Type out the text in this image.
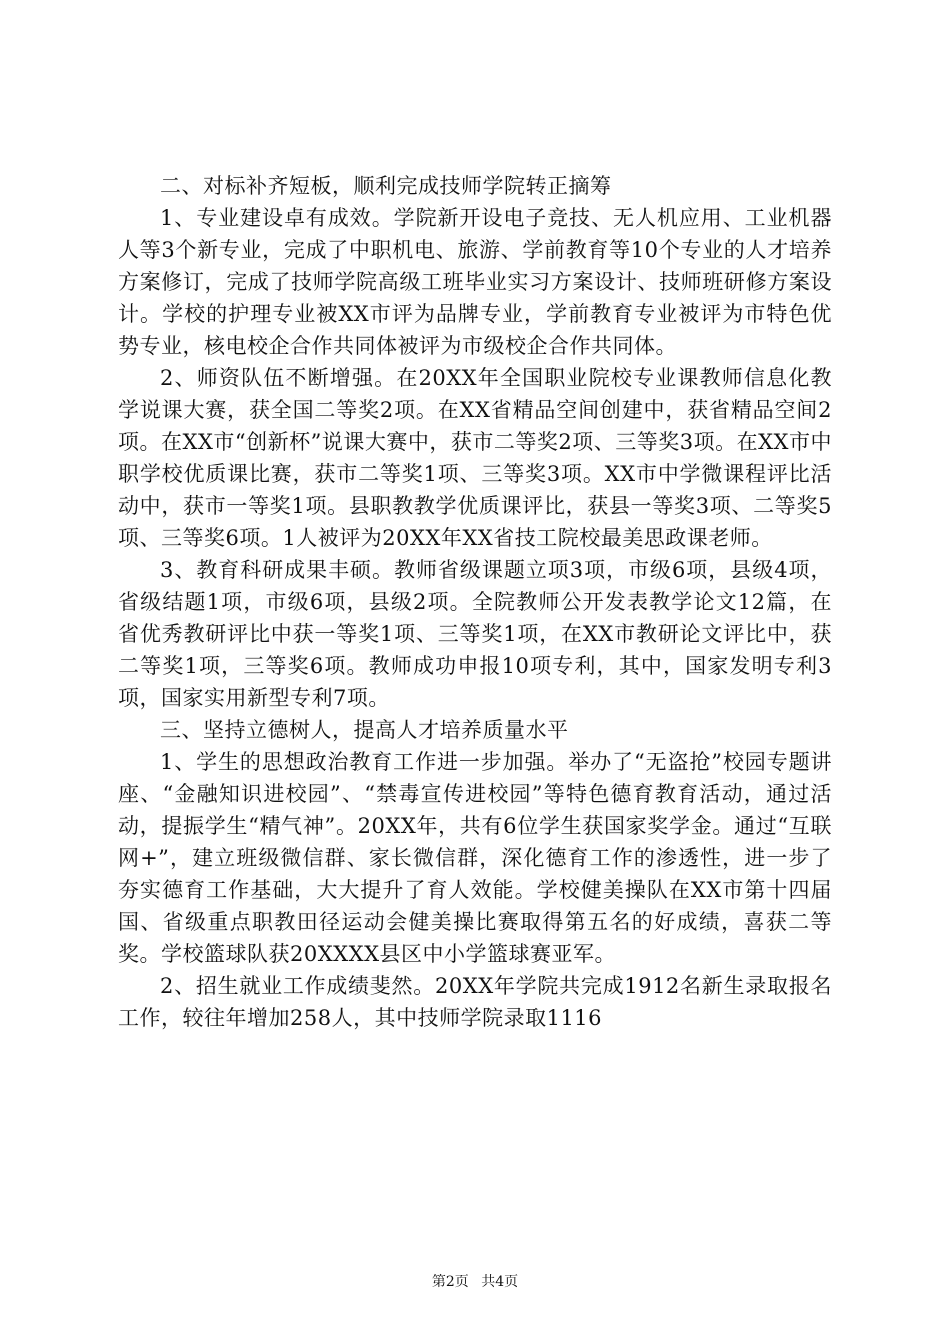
二、对标补齐短板，顺利完成技师学院转正摘筹

1、专业建设卓有成效。学院新开设电子竞技、无人机应用、工业机器人等3个新专业，完成了中职机电、旅游、学前教育等10个专业的人才培养方案修订，完成了技师学院高级工班毕业实习方案设计、技师班研修方案设计。学校的护理专业被XX市评为品牌专业，学前教育专业被评为市特色优势专业，核电校企合作共同体被评为市级校企合作共同体。

2、师资队伍不断增强。在20XX年全国职业院校专业课教师信息化教学说课大赛，获全国二等奖2项。在XX省精品空间创建中，获省精品空间2项。在XX市“创新杯”说课大赛中，获市二等奖2项、三等奖3项。在XX市中职学校优质课比赛，获市二等奖1项、三等奖3项。XX市中学微课程评比活动中，获市一等奖1项。县职教教学优质课评比，获县一等奖3项、二等奖5项、三等奖6项。1人被评为20XX年XX省技工院校最美思政课老师。

3、教育科研成果丰硕。教师省级课题立项3项，市级6项，县级4项，省级结题1项，市级6项，县级2项。全院教师公开发表教学论文12篇，在省优秀教研评比中获一等奖1项、三等奖1项，在XX市教研论文评比中，获二等奖1项，三等奖6项。教师成功申报10项专利，其中，国家发明专利3项，国家实用新型专利7项。

三、坚持立德树人，提高人才培养质量水平

1、学生的思想政治教育工作进一步加强。举办了“无盗抢”校园专题讲座、“金融知识进校园”、“禁毒宣传进校园”等特色德育教育活动，通过活动，提振学生“精气神”。20XX年，共有6位学生获国家奖学金。通过“互联网+”，建立班级微信群、家长微信群，深化德育工作的渗透性，进一步了夯实德育工作基础，大大提升了育人效能。学校健美操队在XX市第十四届国、省级重点职教田径运动会健美操比赛取得第五名的好成绩，喜获二等奖。学校篮球队获20XXXX县区中小学篮球赛亚军。

2、招生就业工作成绩斐然。20XX年学院共完成1912名新生录取报名工作，较往年增加258人，其中技师学院录取1116

第2页 共4页
